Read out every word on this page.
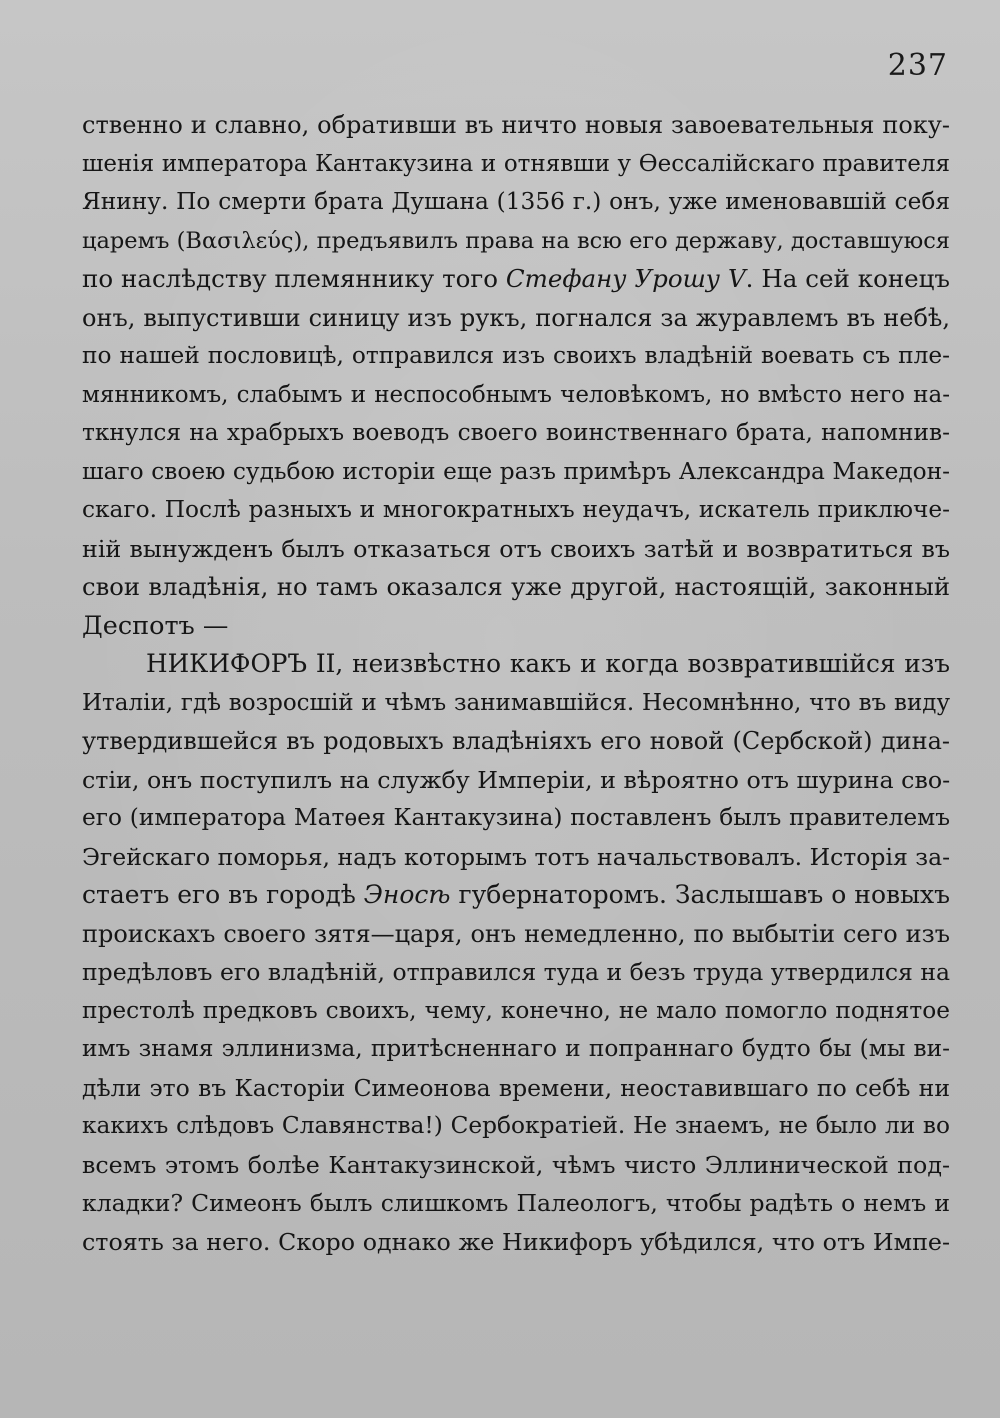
237
ственно и славно, обративши въ ничто новыя завоевательныя поку-
шенія императора Кантакузина и отнявши у Ѳессалійскаго правителя
Янину. По смерти брата Душана (1356 г.) онъ, уже именовавшій себя
царемъ (Βασιλεύς), предъявилъ права на всю его державу, доставшуюся
по наслѣдству племяннику того Стефану Урошу V. На сей конецъ
онъ, выпустивши синицу изъ рукъ, погнался за журавлемъ въ небѣ,
по нашей пословицѣ, отправился изъ своихъ владѣній воевать съ пле-
мянникомъ, слабымъ и неспособнымъ человѣкомъ, но вмѣсто него на-
ткнулся на храбрыхъ воеводъ своего воинственнаго брата, напомнив-
шаго своею судьбою исторіи еще разъ примѣръ Александра Македон-
скаго. Послѣ разныхъ и многократныхъ неудачъ, искатель приключе-
ній вынужденъ былъ отказаться отъ своихъ затѣй и возвратиться въ
свои владѣнія, но тамъ оказался уже другой, настоящій, законный
Деспотъ —
НИКИФОРЪ II, неизвѣстно какъ и когда возвратившійся изъ
Италіи, гдѣ возросшій и чѣмъ занимавшійся. Несомнѣнно, что въ виду
утвердившейся въ родовыхъ владѣніяхъ его новой (Сербской) дина-
стіи, онъ поступилъ на службу Имперіи, и вѣроятно отъ шурина сво-
его (императора Матѳея Кантакузина) поставленъ былъ правителемъ
Эгейскаго поморья, надъ которымъ тотъ начальствовалъ. Исторія за-
стаетъ его въ городѣ Эносѣ губернаторомъ. Заслышавъ о новыхъ
проискахъ своего зятя—царя, онъ немедленно, по выбытіи сего изъ
предѣловъ его владѣній, отправился туда и безъ труда утвердился на
престолѣ предковъ своихъ, чему, конечно, не мало помогло поднятое
имъ знамя эллинизма, притѣсненнаго и попраннаго будто бы (мы ви-
дѣли это въ Касторіи Симеонова времени, неоставившаго по себѣ ни
какихъ слѣдовъ Славянства!) Сербократіей. Не знаемъ, не было ли во
всемъ этомъ болѣе Кантакузинской, чѣмъ чисто Эллинической под-
кладки? Симеонъ былъ слишкомъ Палеологъ, чтобы радѣть о немъ и
стоять за него. Скоро однако же Никифоръ убѣдился, что отъ Импе-
